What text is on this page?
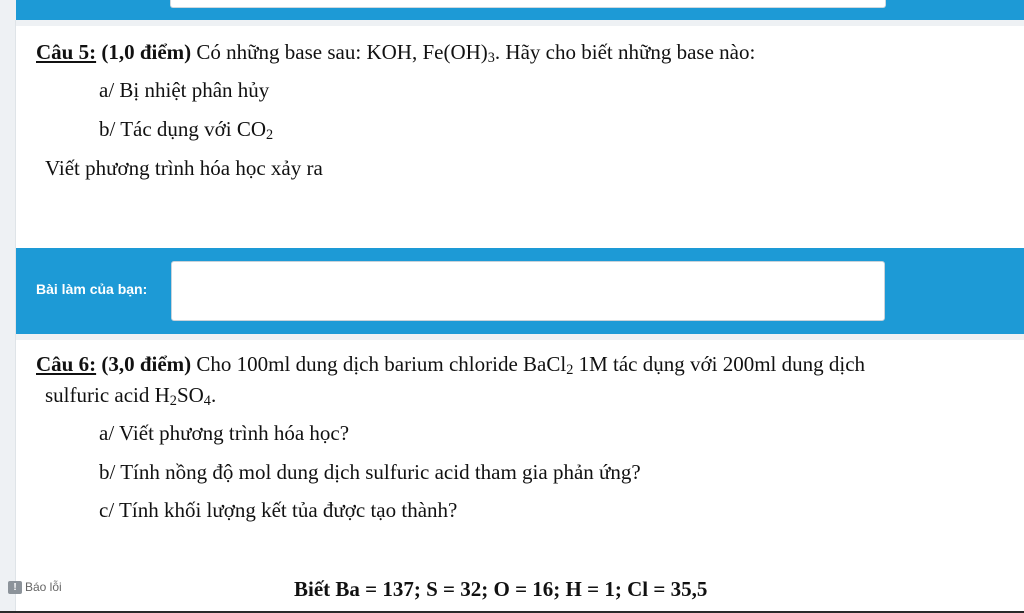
Câu 5: (1,0 điểm) Có những base sau: KOH, $Fe(OH)_3$. Hãy cho biết những base nào:
a/ Bị nhiệt phân hủy
b/ Tác dụng với $CO_2$
Viết phương trình hóa học xảy ra
Bài làm của bạn:
Câu 6: (3,0 điểm) Cho 100ml dung dịch barium chloride BaCl$_2$ 1M tác dụng với 200ml dung dịch
sulfuric acid $H_2SO_4$.
a/ Viết phương trình hóa học?
b/ Tính nồng độ mol dung dịch sulfuric acid tham gia phản ứng?
c/ Tính khối lượng kết tủa được tạo thành?
! Báo lỗi	Biết Ba = 137; S = 32; O = 16; H = 1; Cl = 35,5
